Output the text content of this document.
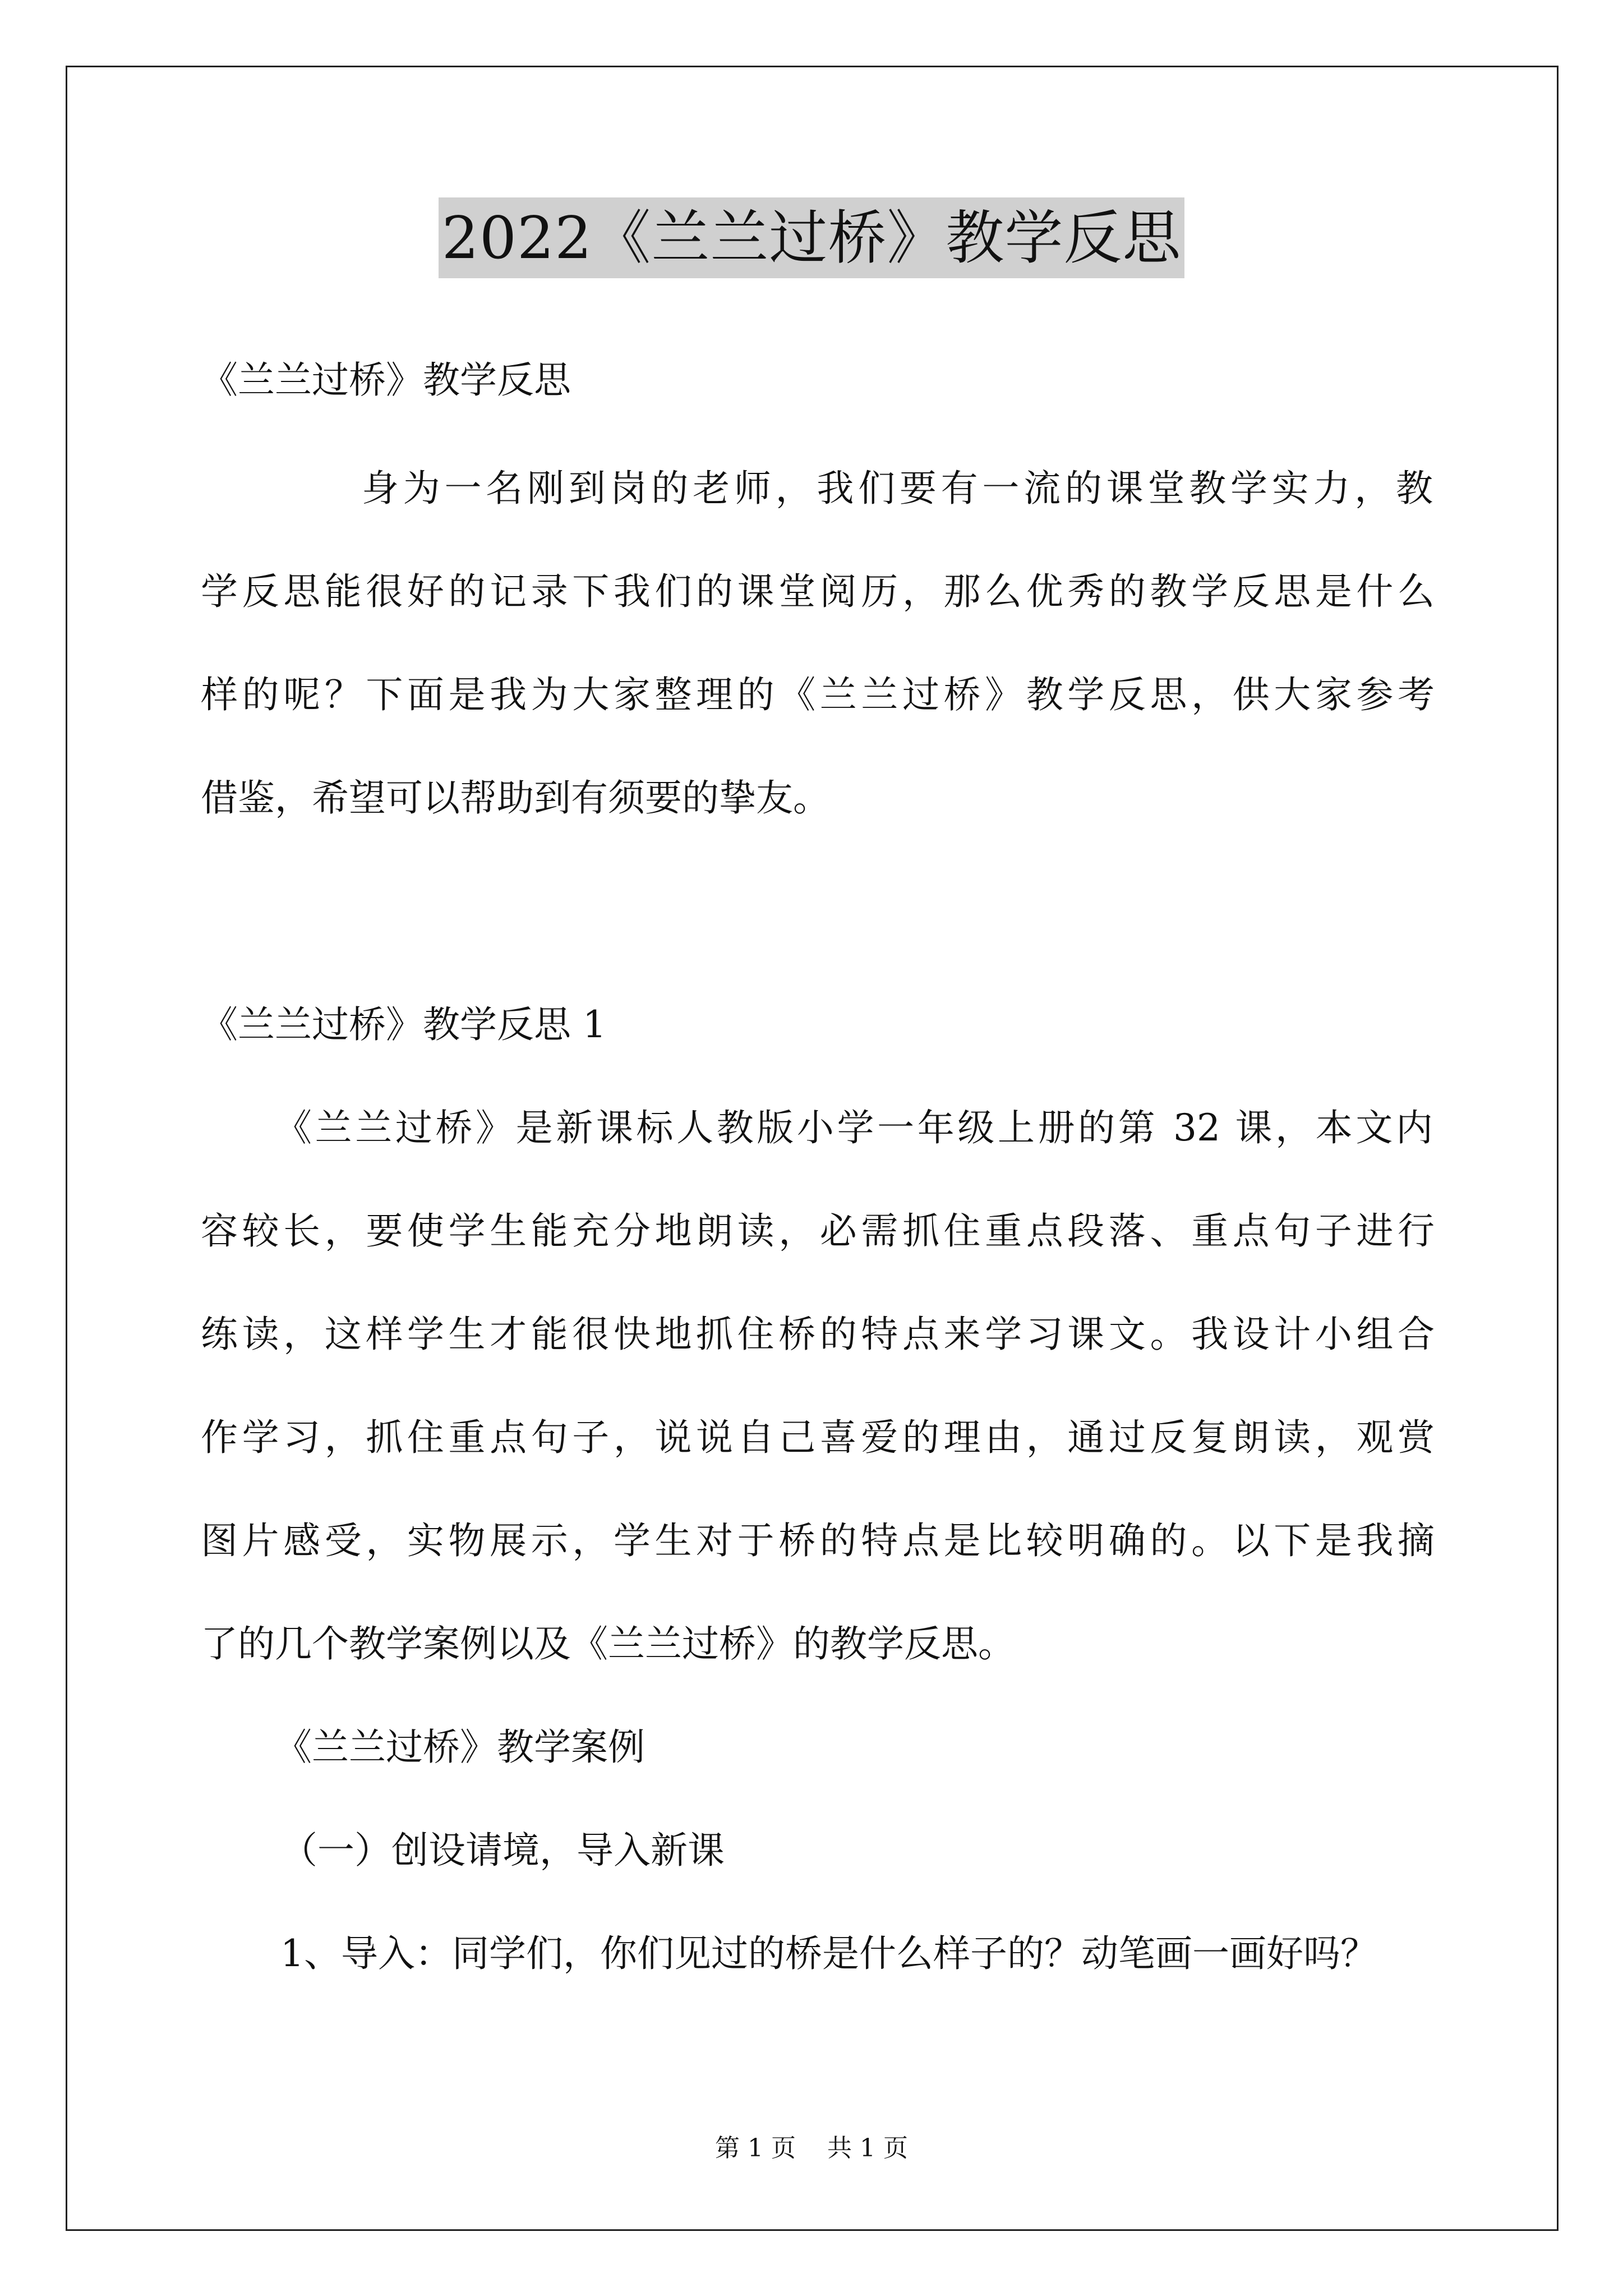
2022《兰兰过桥》教学反思
《兰兰过桥》教学反思
身为一名刚到岗的老师，我们要有一流的课堂教学实力，教
学反思能很好的记录下我们的课堂阅历，那么优秀的教学反思是什么
样的呢？下面是我为大家整理的《兰兰过桥》教学反思，供大家参考
借鉴，希望可以帮助到有须要的挚友。
《兰兰过桥》教学反思 1
《兰兰过桥》是新课标人教版小学一年级上册的第 32 课，本文内
容较长，要使学生能充分地朗读，必需抓住重点段落、重点句子进行
练读，这样学生才能很快地抓住桥的特点来学习课文。我设计小组合
作学习，抓住重点句子，说说自己喜爱的理由，通过反复朗读，观赏
图片感受，实物展示，学生对于桥的特点是比较明确的。以下是我摘
了的几个教学案例以及《兰兰过桥》的教学反思。
《兰兰过桥》教学案例
（一）创设请境，导入新课
1、导入：同学们，你们见过的桥是什么样子的？动笔画一画好吗？
第 1 页 共 1 页
